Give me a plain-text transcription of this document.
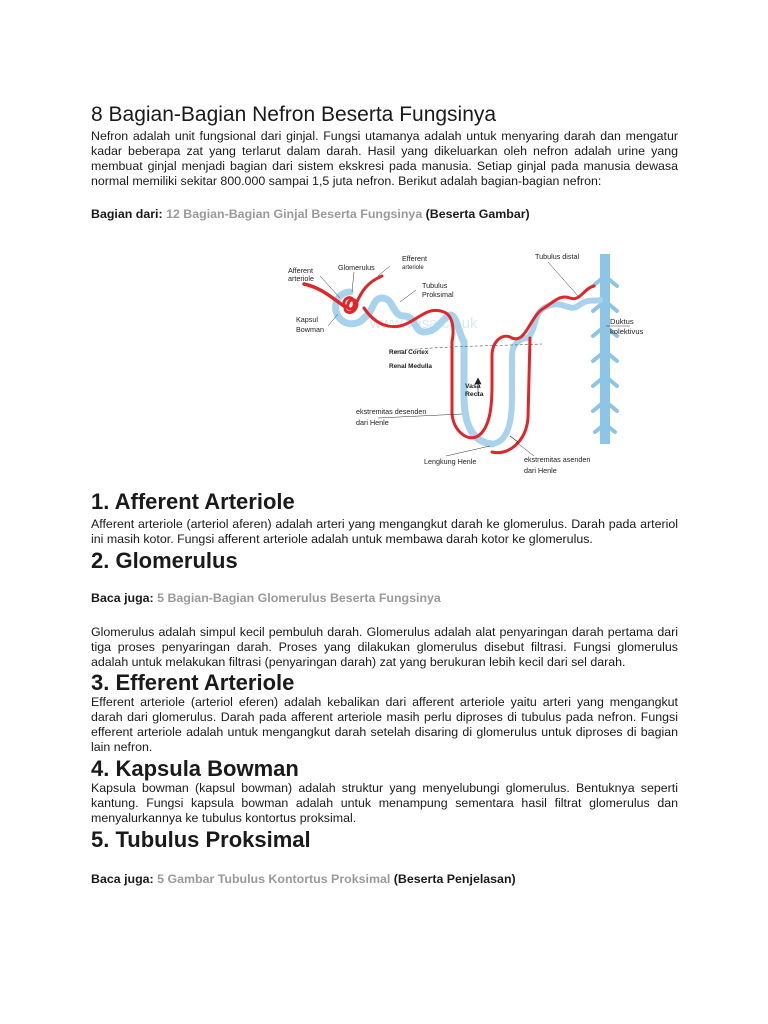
8 Bagian-Bagian Nefron Beserta Fungsinya

Nefron adalah unit fungsional dari ginjal. Fungsi utamanya adalah untuk menyaring darah dan mengatur kadar beberapa zat yang terlarut dalam darah. Hasil yang dikeluarkan oleh nefron adalah urine yang membuat ginjal menjadi bagian dari sistem ekskresi pada manusia. Setiap ginjal pada manusia dewasa normal memiliki sekitar 800.000 sampai 1,5 juta nefron. Berikut adalah bagian-bagian nefron:

Bagian dari: 12 Bagian-Bagian Ginjal Beserta Fungsinya (Beserta Gambar)

www.vasa.co.uk
Afferent
arteriole
Glomerulus
Efferent
arteriole
Tubulus distal
Tubulus
Proksimal
Kapsul
Bowman
Duktus
kolektivus
Renal Cortex
Renal Medulla
Vasa
Recta
ekstremitas desenden
dari Henle
Lengkung Henle	ekstremitas asenden
dari Henle
1. Afferent Arteriole

Afferent arteriole (arteriol aferen) adalah arteri yang mengangkut darah ke glomerulus. Darah pada arteriol ini masih kotor. Fungsi afferent arteriole adalah untuk membawa darah kotor ke glomerulus.

2. Glomerulus

Baca juga: 5 Bagian-Bagian Glomerulus Beserta Fungsinya

Glomerulus adalah simpul kecil pembuluh darah. Glomerulus adalah alat penyaringan darah pertama dari tiga proses penyaringan darah. Proses yang dilakukan glomerulus disebut filtrasi. Fungsi glomerulus adalah untuk melakukan filtrasi (penyaringan darah) zat yang berukuran lebih kecil dari sel darah.

3. Efferent Arteriole

Efferent arteriole (arteriol eferen) adalah kebalikan dari afferent arteriole yaitu arteri yang mengangkut darah dari glomerulus. Darah pada afferent arteriole masih perlu diproses di tubulus pada nefron. Fungsi efferent arteriole adalah untuk mengangkut darah setelah disaring di glomerulus untuk diproses di bagian lain nefron.

4. Kapsula Bowman

Kapsula bowman (kapsul bowman) adalah struktur yang menyelubungi glomerulus. Bentuknya seperti kantung. Fungsi kapsula bowman adalah untuk menampung sementara hasil filtrat glomerulus dan menyalurkannya ke tubulus kontortus proksimal.

5. Tubulus Proksimal

Baca juga: 5 Gambar Tubulus Kontortus Proksimal (Beserta Penjelasan)
